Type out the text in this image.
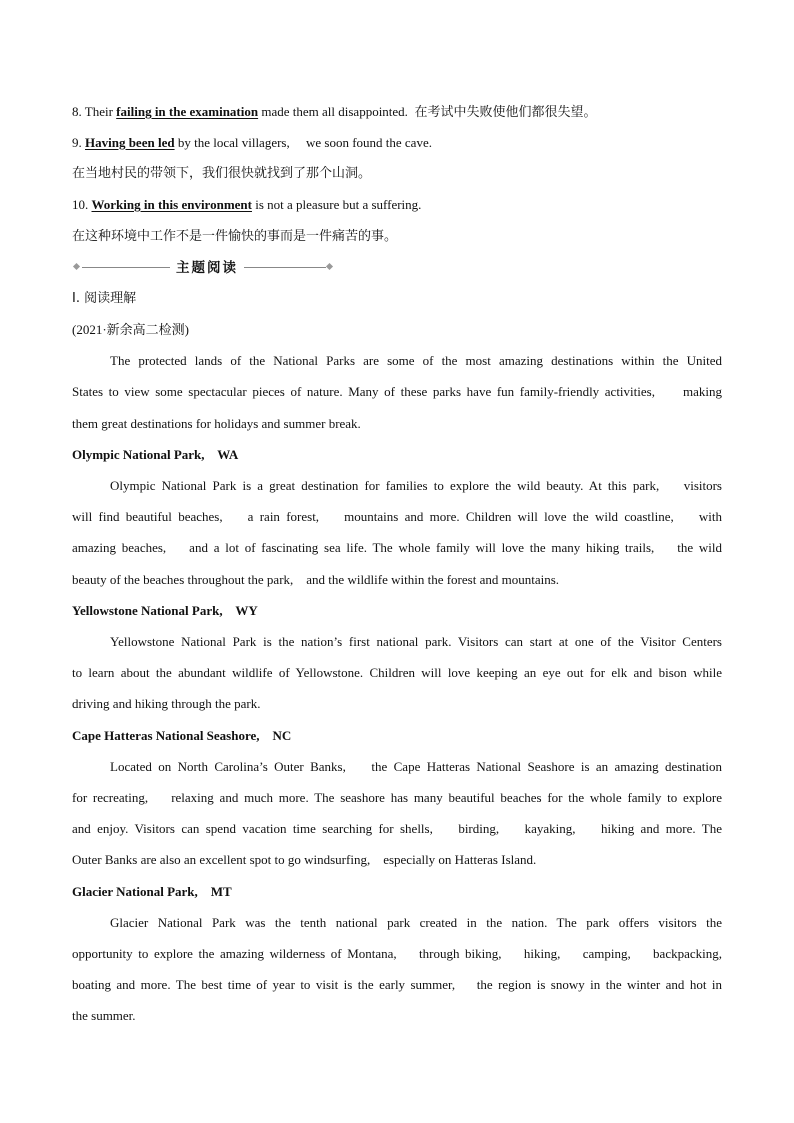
8. Their failing in the examination made them all disappointed. 在考试中失败使他们都很失望。
9. Having been led by the local villagers,     we soon found the cave.
在当地村民的带领下，我们很快就找到了那个山洞。
10. Working in this environment is not a pleasure but a suffering.
在这种环境中工作不是一件愉快的事而是一件痛苦的事。
主题阅读
Ⅰ. 阅读理解
(2021·新余高二检测)
The protected lands of the National Parks are some of the most amazing destinations within the United
States to view some spectacular pieces of nature. Many of these parks have fun family-friendly activities,     making
them great destinations for holidays and summer break.
Olympic National Park,    WA
Olympic National Park is a great destination for families to explore the wild beauty. At this park,    visitors
will find beautiful beaches,    a rain forest,    mountains and more. Children will love the wild coastline,    with
amazing beaches,    and a lot of fascinating sea life. The whole family will love the many hiking trails,    the wild
beauty of the beaches throughout the park,    and the wildlife within the forest and mountains.
Yellowstone National Park,    WY
Yellowstone National Park is the nation’s first national park. Visitors can start at one of the Visitor Centers
to learn about the abundant wildlife of Yellowstone. Children will love keeping an eye out for elk and bison while
driving and hiking through the park.
Cape Hatteras National Seashore,    NC
Located on North Carolina’s Outer Banks,    the Cape Hatteras National Seashore is an amazing destination
for recreating,    relaxing and much more. The seashore has many beautiful beaches for the whole family to explore
and enjoy. Visitors can spend vacation time searching for shells,    birding,    kayaking,    hiking and more. The
Outer Banks are also an excellent spot to go windsurfing,    especially on Hatteras Island.
Glacier National Park,    MT
Glacier National Park was the tenth national park created in the nation. The park offers visitors the
opportunity to explore the amazing wilderness of Montana,    through biking,    hiking,    camping,    backpacking,
boating and more. The best time of year to visit is the early summer,    the region is snowy in the winter and hot in
the summer.
